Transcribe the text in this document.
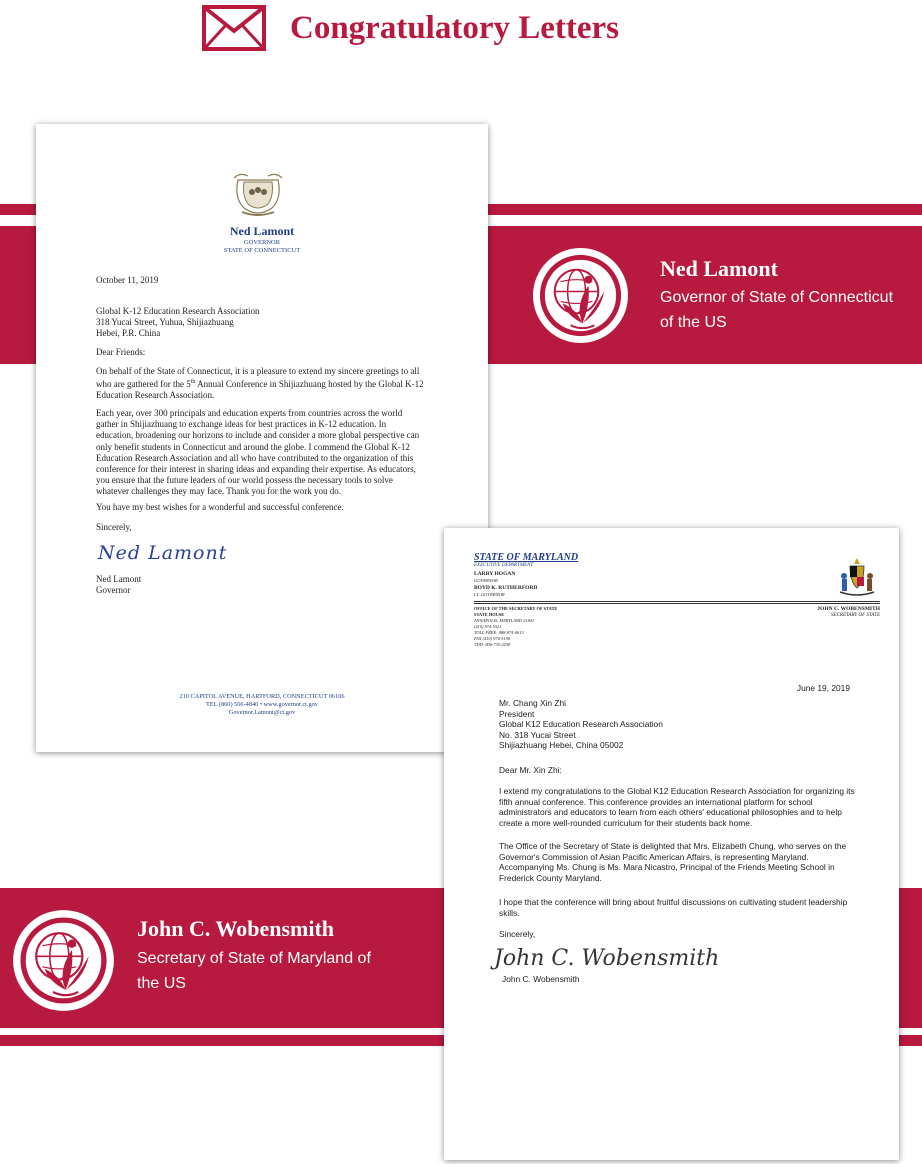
Congratulatory Letters
Ned Lamont
Governor of State of Connecticut
of the US
John C. Wobensmith
Secretary of State of Maryland of
the US
Ned Lamont
GOVERNOR
STATE OF CONNECTICUT
October 11, 2019

Global K-12 Education Research Association

318 Yucai Street, Yuhua, Shijiazhuang

Hebei, P.R. China

Dear Friends:

On behalf of the State of Connecticut, it is a pleasure to extend my sincere greetings to all

who are gathered for the 5th Annual Conference in Shijiazhuang hosted by the Global K-12

Education Research Association.

Each year, over 300 principals and education experts from countries across the world

gather in Shijiazhuang to exchange ideas for best practices in K-12 education. In

education, broadening our horizons to include and consider a more global perspective can

only benefit students in Connecticut and around the globe. I commend the Global K-12

Education Research Association and all who have contributed to the organization of this

conference for their interest in sharing ideas and expanding their expertise. As educators,

you ensure that the future leaders of our world possess the necessary tools to solve

whatever challenges they may face. Thank you for the work you do.

You have my best wishes for a wonderful and successful conference.
Sincerely,
Ned Lamont
Ned Lamont
Governor
210 CAPITOL AVENUE, HARTFORD, CONNECTICUT 06106
TEL (860) 566-4840 • www.governor.ct.gov
Governor.Lamont@ct.gov
STATE OF MARYLAND
EXECUTIVE DEPARTMENT
LARRY HOGAN
GOVERNOR
BOYD K. RUTHERFORD
LT. GOVERNOR
OFFICE OF THE SECRETARY OF STATE
STATE HOUSE
ANNAPOLIS, MARYLAND 21401
(410) 974-5521
TOLL FREE: 888-874-0013
FAX (410) 974-5190
TDD: 800-735-2258
JOHN C. WOBENSMITH
SECRETARY OF STATE
June 19, 2019

Mr. Chang Xin Zhi

President

Global K12 Education Research Association

No. 318 Yucai Street

Shijiazhuang Hebei, China 05002

Dear Mr. Xin Zhi:

I extend my congratulations to the Global K12 Education Research Association for organizing its

fifth annual conference. This conference provides an international platform for school

administrators and educators to learn from each others' educational philosophies and to help

create a more well-rounded curriculum for their students back home.

The Office of the Secretary of State is delighted that Mrs. Elizabeth Chung, who serves on the

Governor's Commission of Asian Pacific American Affairs, is representing Maryland.

Accompanying Ms. Chung is Ms. Mara Nicastro, Principal of the Friends Meeting School in

Frederick County Maryland.

I hope that the conference will bring about fruitful discussions on cultivating student leadership

skills.

Sincerely,
John C. Wobensmith
John C. Wobensmith
